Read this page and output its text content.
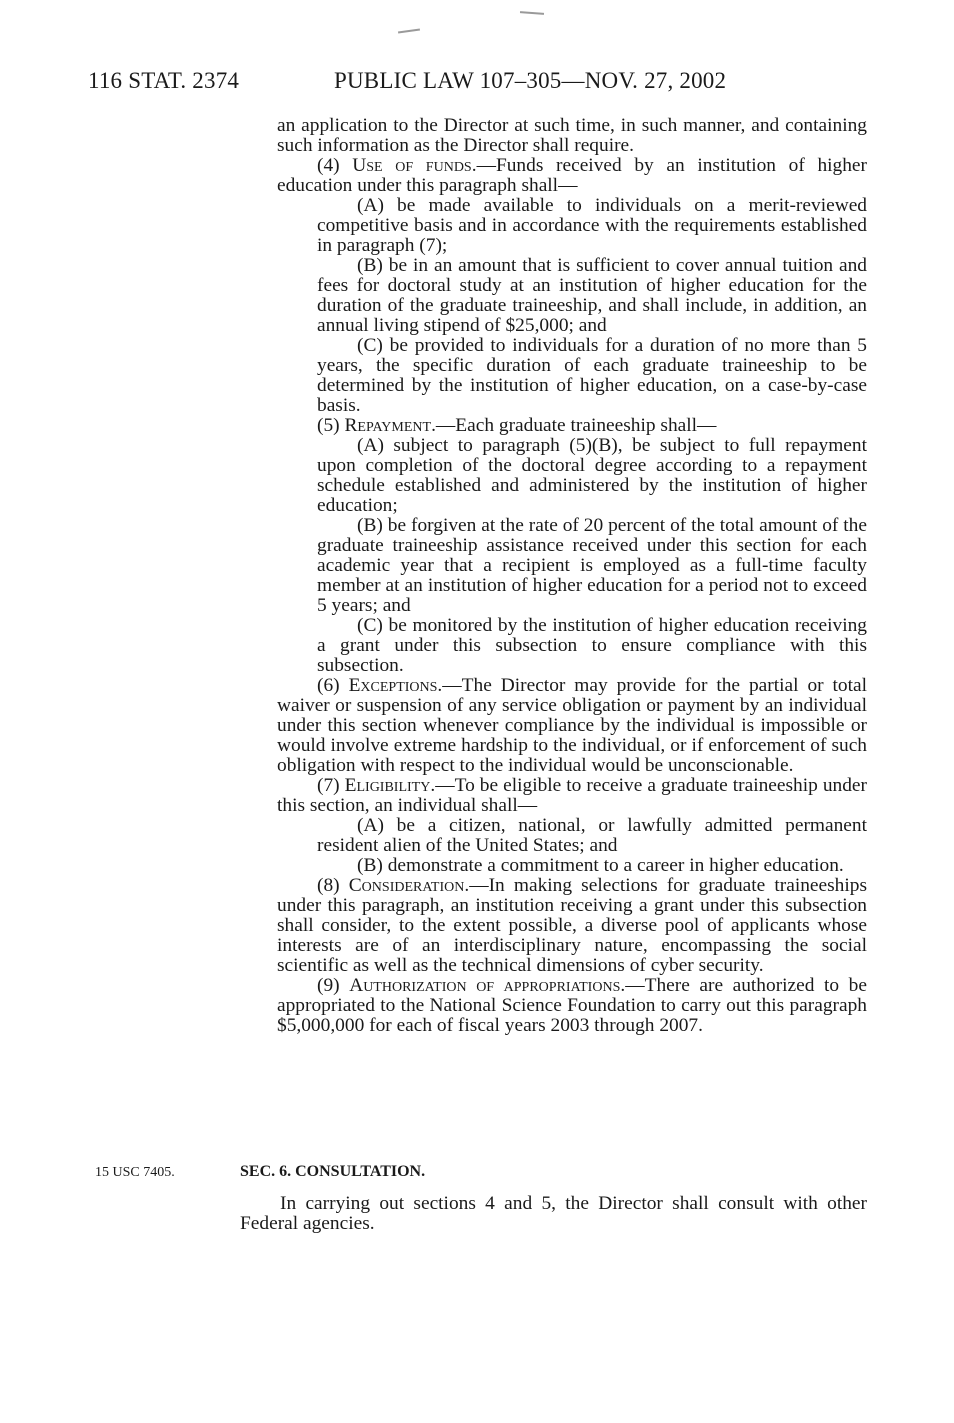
116 STAT. 2374	PUBLIC LAW 107–305—NOV. 27, 2002

an application to the Director at such time, in such manner, and containing such information as the Director shall require.

(4) Use of funds.—Funds received by an institution of higher education under this paragraph shall—

(A) be made available to individuals on a merit-reviewed competitive basis and in accordance with the requirements established in paragraph (7);

(B) be in an amount that is sufficient to cover annual tuition and fees for doctoral study at an institution of higher education for the duration of the graduate traineeship, and shall include, in addition, an annual living stipend of $25,000; and

(C) be provided to individuals for a duration of no more than 5 years, the specific duration of each graduate traineeship to be determined by the institution of higher education, on a case-by-case basis.

(5) Repayment.—Each graduate traineeship shall—

(A) subject to paragraph (5)(B), be subject to full repayment upon completion of the doctoral degree according to a repayment schedule established and administered by the institution of higher education;

(B) be forgiven at the rate of 20 percent of the total amount of the graduate traineeship assistance received under this section for each academic year that a recipient is employed as a full-time faculty member at an institution of higher education for a period not to exceed 5 years; and

(C) be monitored by the institution of higher education receiving a grant under this subsection to ensure compliance with this subsection.

(6) Exceptions.—The Director may provide for the partial or total waiver or suspension of any service obligation or payment by an individual under this section whenever compliance by the individual is impossible or would involve extreme hardship to the individual, or if enforcement of such obligation with respect to the individual would be unconscionable.

(7) Eligibility.—To be eligible to receive a graduate traineeship under this section, an individual shall—

(A) be a citizen, national, or lawfully admitted permanent resident alien of the United States; and

(B) demonstrate a commitment to a career in higher education.

(8) Consideration.—In making selections for graduate traineeships under this paragraph, an institution receiving a grant under this subsection shall consider, to the extent possible, a diverse pool of applicants whose interests are of an interdisciplinary nature, encompassing the social scientific as well as the technical dimensions of cyber security.

(9) Authorization of appropriations.—There are authorized to be appropriated to the National Science Foundation to carry out this paragraph $5,000,000 for each of fiscal years 2003 through 2007.

15 USC 7405.	SEC. 6. CONSULTATION.

In carrying out sections 4 and 5, the Director shall consult with other Federal agencies.
